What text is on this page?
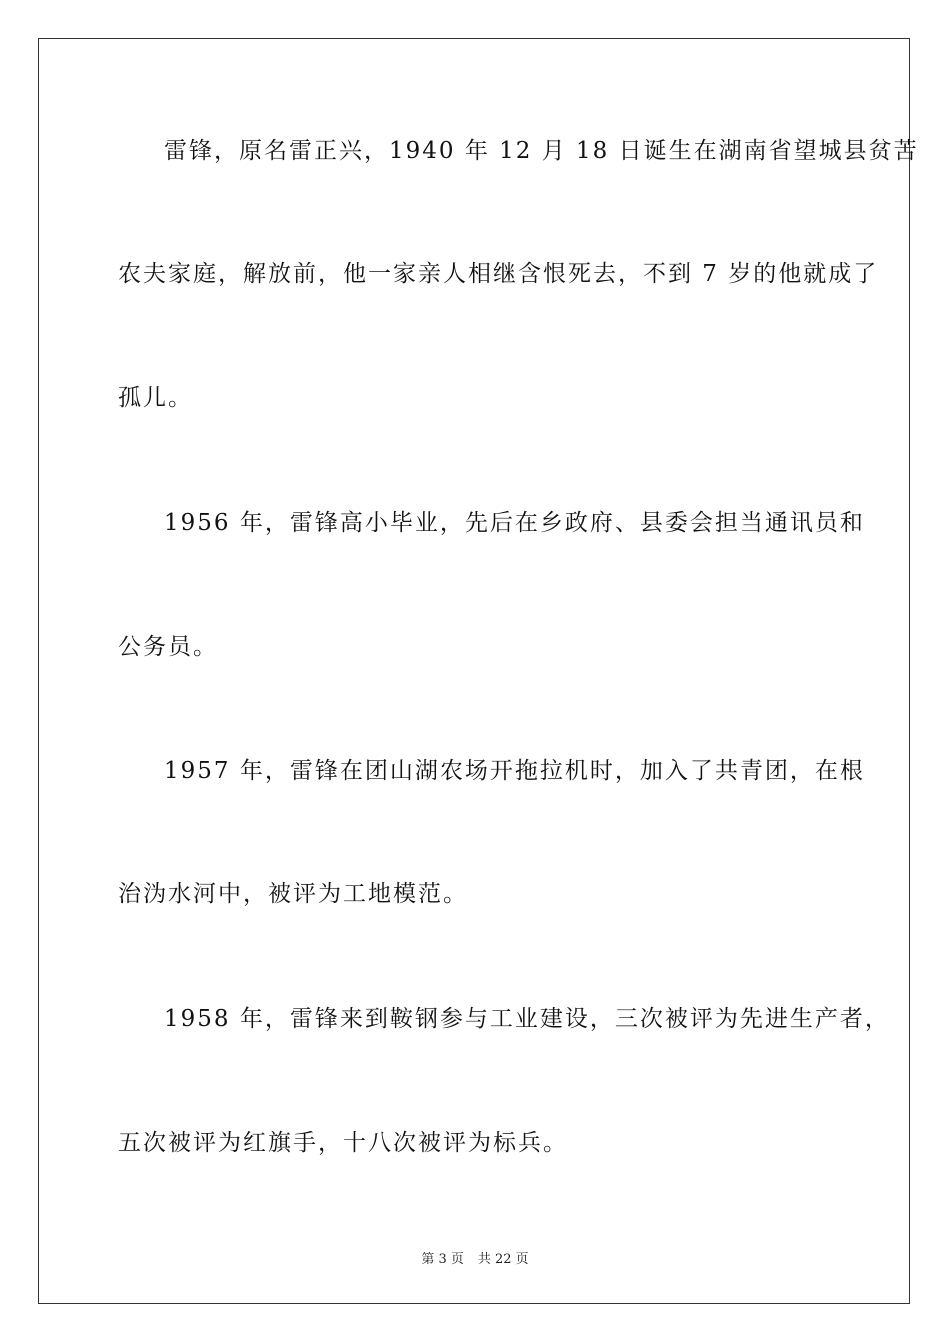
雷锋，原名雷正兴，1940 年 12 月 18 日诞生在湖南省望城县贫苦
农夫家庭，解放前，他一家亲人相继含恨死去，不到 7 岁的他就成了
孤儿。
1956 年，雷锋高小毕业，先后在乡政府、县委会担当通讯员和
公务员。
1957 年，雷锋在团山湖农场开拖拉机时，加入了共青团，在根
治沩水河中，被评为工地模范。
1958 年，雷锋来到鞍钢参与工业建设，三次被评为先进生产者，
五次被评为红旗手，十八次被评为标兵。
第 3 页 共 22 页
